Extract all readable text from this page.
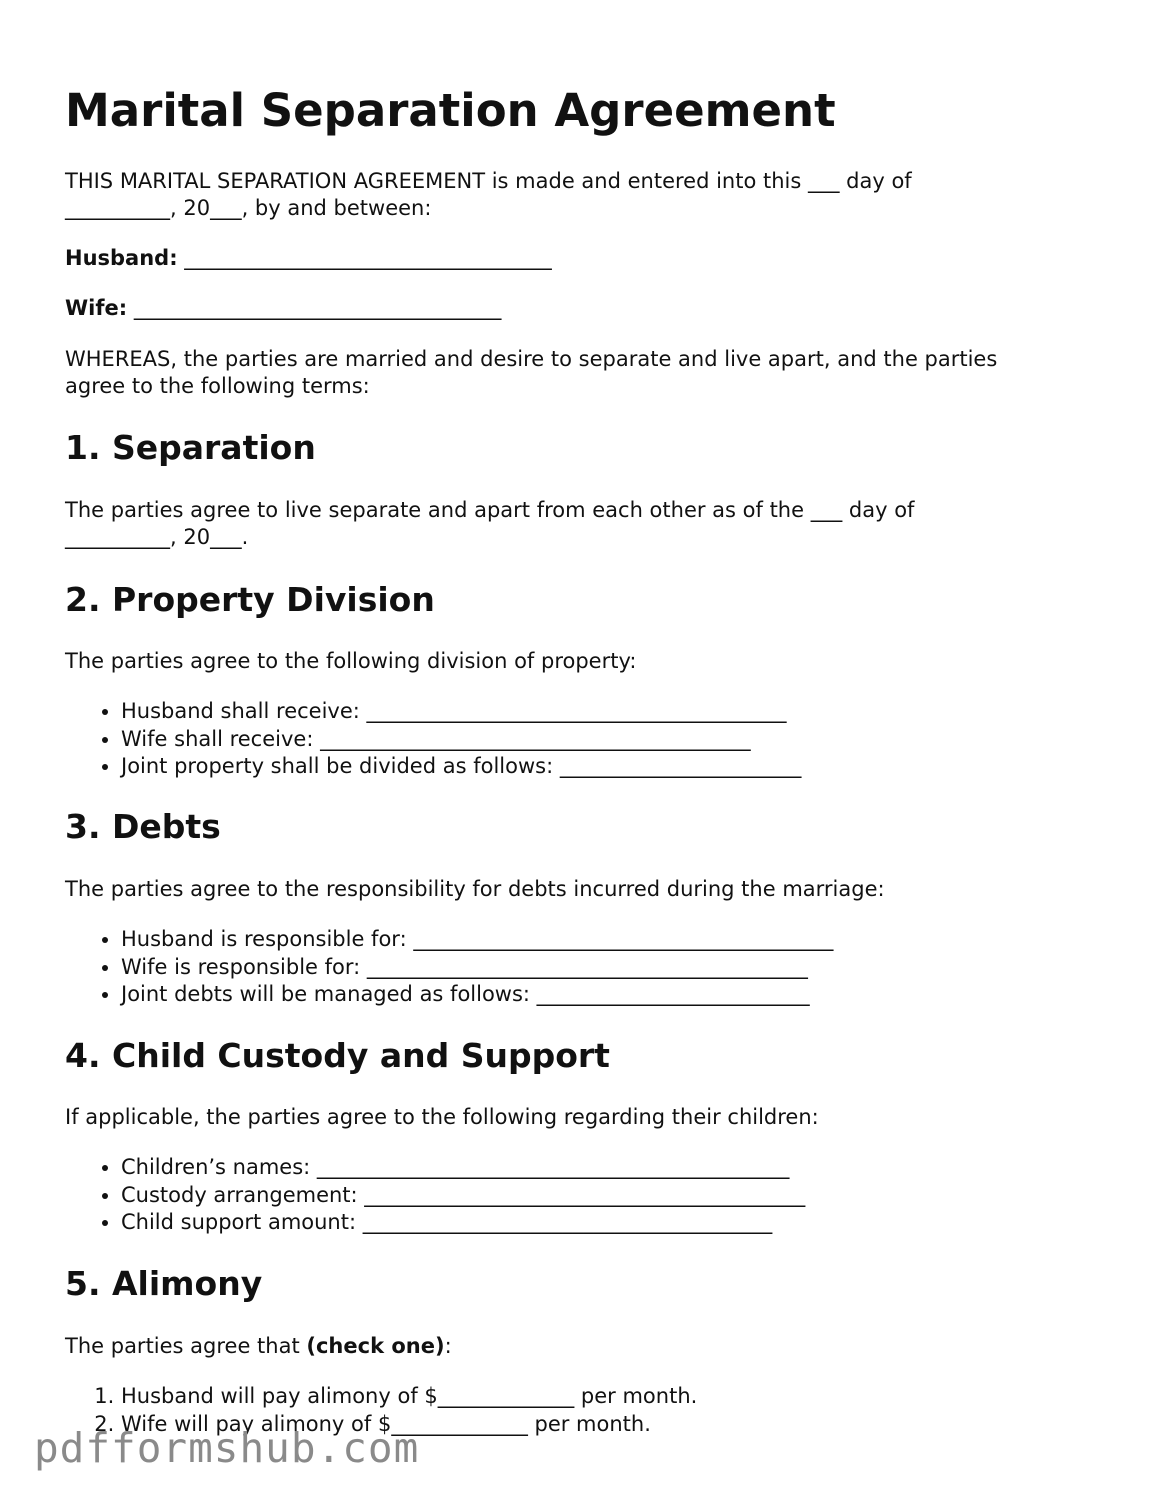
Marital Separation Agreement
THIS MARITAL SEPARATION AGREEMENT is made and entered into this ___ day of
__________, 20___, by and between:
Husband: ___________________________________
Wife: ___________________________________
WHEREAS, the parties are married and desire to separate and live apart, and the parties
agree to the following terms:
1. Separation
The parties agree to live separate and apart from each other as of the ___ day of
__________, 20___.
2. Property Division
The parties agree to the following division of property:
• Husband shall receive: ________________________________________
• Wife shall receive: _________________________________________
• Joint property shall be divided as follows: _______________________
3. Debts
The parties agree to the responsibility for debts incurred during the marriage:
• Husband is responsible for: ________________________________________
• Wife is responsible for: __________________________________________
• Joint debts will be managed as follows: __________________________
4. Child Custody and Support
If applicable, the parties agree to the following regarding their children:
• Children’s names: _____________________________________________
• Custody arrangement: __________________________________________
• Child support amount: _______________________________________
5. Alimony
The parties agree that (check one):
1. Husband will pay alimony of $_____________ per month.
2. Wife will pay alimony of $_____________ per month.
pdfformshub.com
